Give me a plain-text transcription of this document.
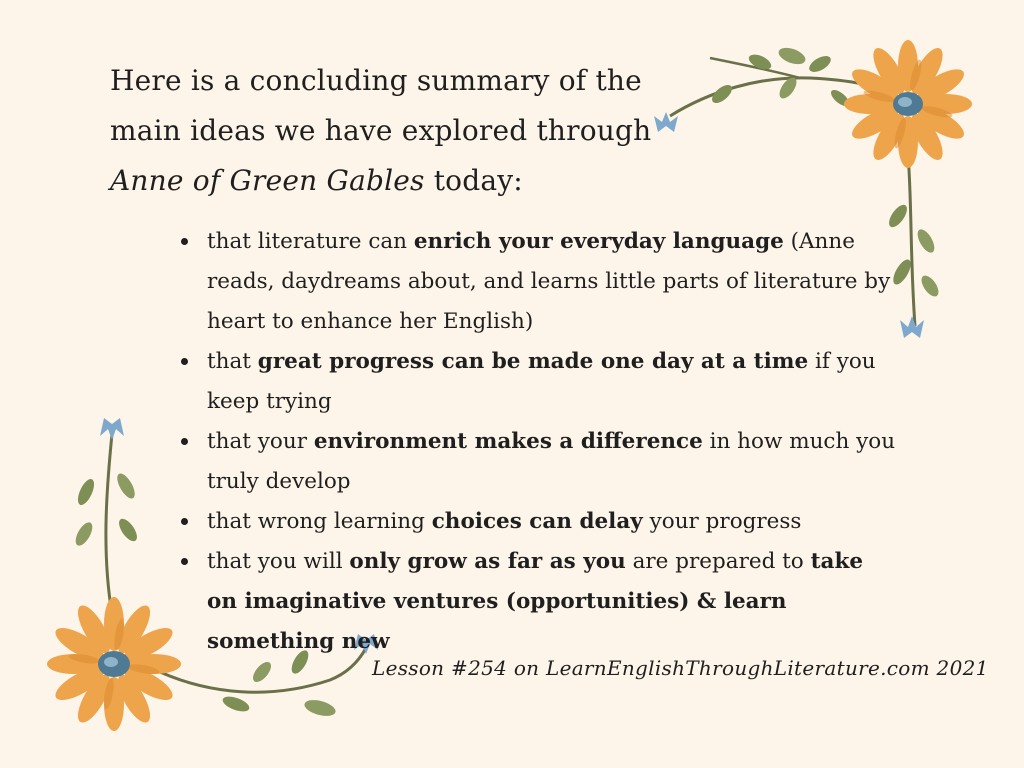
Here is a concluding summary of the
main ideas we have explored through
Anne of Green Gables today:
that literature can enrich your everyday language (Anne reads, daydreams about, and learns little parts of literature by heart to enhance her English)
that great progress can be made one day at a time if you keep trying
that your environment makes a difference in how much you truly develop
that wrong learning choices can delay your progress
that you will only grow as far as you are prepared to take on imaginative ventures (opportunities) & learn something new
Lesson #254 on LearnEnglishThroughLiterature.com 2021
